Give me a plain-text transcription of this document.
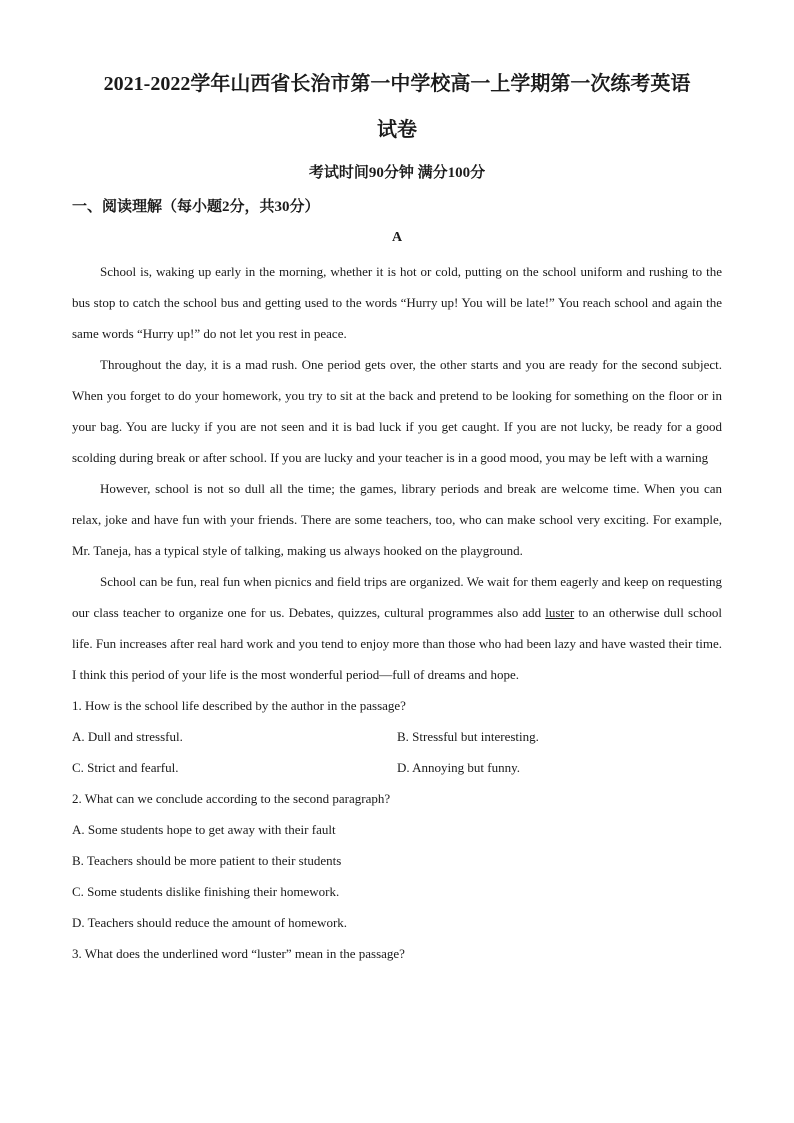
2021-2022学年山西省长治市第一中学校高一上学期第一次练考英语
试卷

考试时间90分钟 满分100分

一、阅读理解（每小题2分，共30分）

A

School is, waking up early in the morning, whether it is hot or cold, putting on the school uniform and rushing to the bus stop to catch the school bus and getting used to the words “Hurry up! You will be late!” You reach school and again the same words “Hurry up!” do not let you rest in peace.

Throughout the day, it is a mad rush. One period gets over, the other starts and you are ready for the second subject. When you forget to do your homework, you try to sit at the back and pretend to be looking for something on the floor or in your bag. You are lucky if you are not seen and it is bad luck if you get caught. If you are not lucky, be ready for a good scolding during break or after school. If you are lucky and your teacher is in a good mood, you may be left with a warning

However, school is not so dull all the time; the games, library periods and break are welcome time. When you can relax, joke and have fun with your friends. There are some teachers, too, who can make school very exciting. For example, Mr. Taneja, has a typical style of talking, making us always hooked on the playground.

School can be fun, real fun when picnics and field trips are organized. We wait for them eagerly and keep on requesting our class teacher to organize one for us. Debates, quizzes, cultural programmes also add luster to an otherwise dull school life. Fun increases after real hard work and you tend to enjoy more than those who had been lazy and have wasted their time. I think this period of your life is the most wonderful period—full of dreams and hope.

1. How is the school life described by the author in the passage?

A. Dull and stressful.	B. Stressful but interesting.
C. Strict and fearful.	D. Annoying but funny.

2. What can we conclude according to the second paragraph?

A. Some students hope to get away with their fault

B. Teachers should be more patient to their students

C. Some students dislike finishing their homework.

D. Teachers should reduce the amount of homework.

3. What does the underlined word “luster” mean in the passage?
